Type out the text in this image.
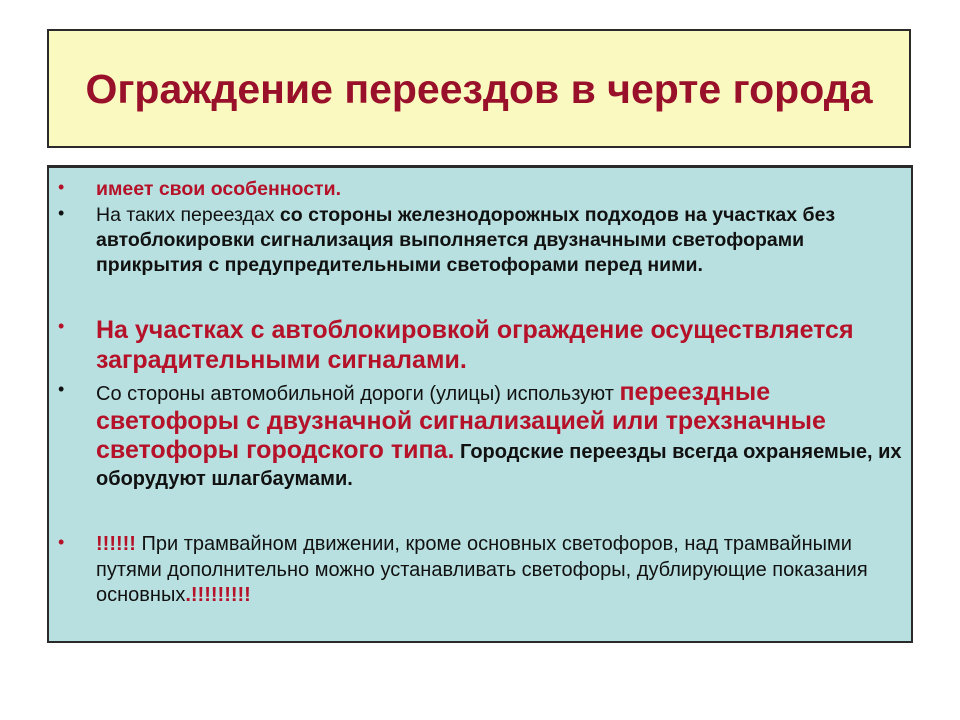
Ограждение переездов в черте города
• имеет свои особенности.
• На таких переездах со стороны железнодорожных подходов на участках без автоблокировки сигнализация выполняется двузначными светофорами прикрытия с предупредительными светофорами перед ними.
• На участках с автоблокировкой ограждение осуществляется заградительными сигналами.
• Со стороны автомобильной дороги (улицы) используют переездные светофоры с двузначной сигнализацией или трехзначные светофоры городского типа. Городские переезды всегда охраняемые, их оборудуют шлагбаумами.
• !!!!!! При трамвайном движении, кроме основных светофоров, над трамвайными путями дополнительно можно устанавливать светофоры, дублирующие показания основных.!!!!!!!!!
